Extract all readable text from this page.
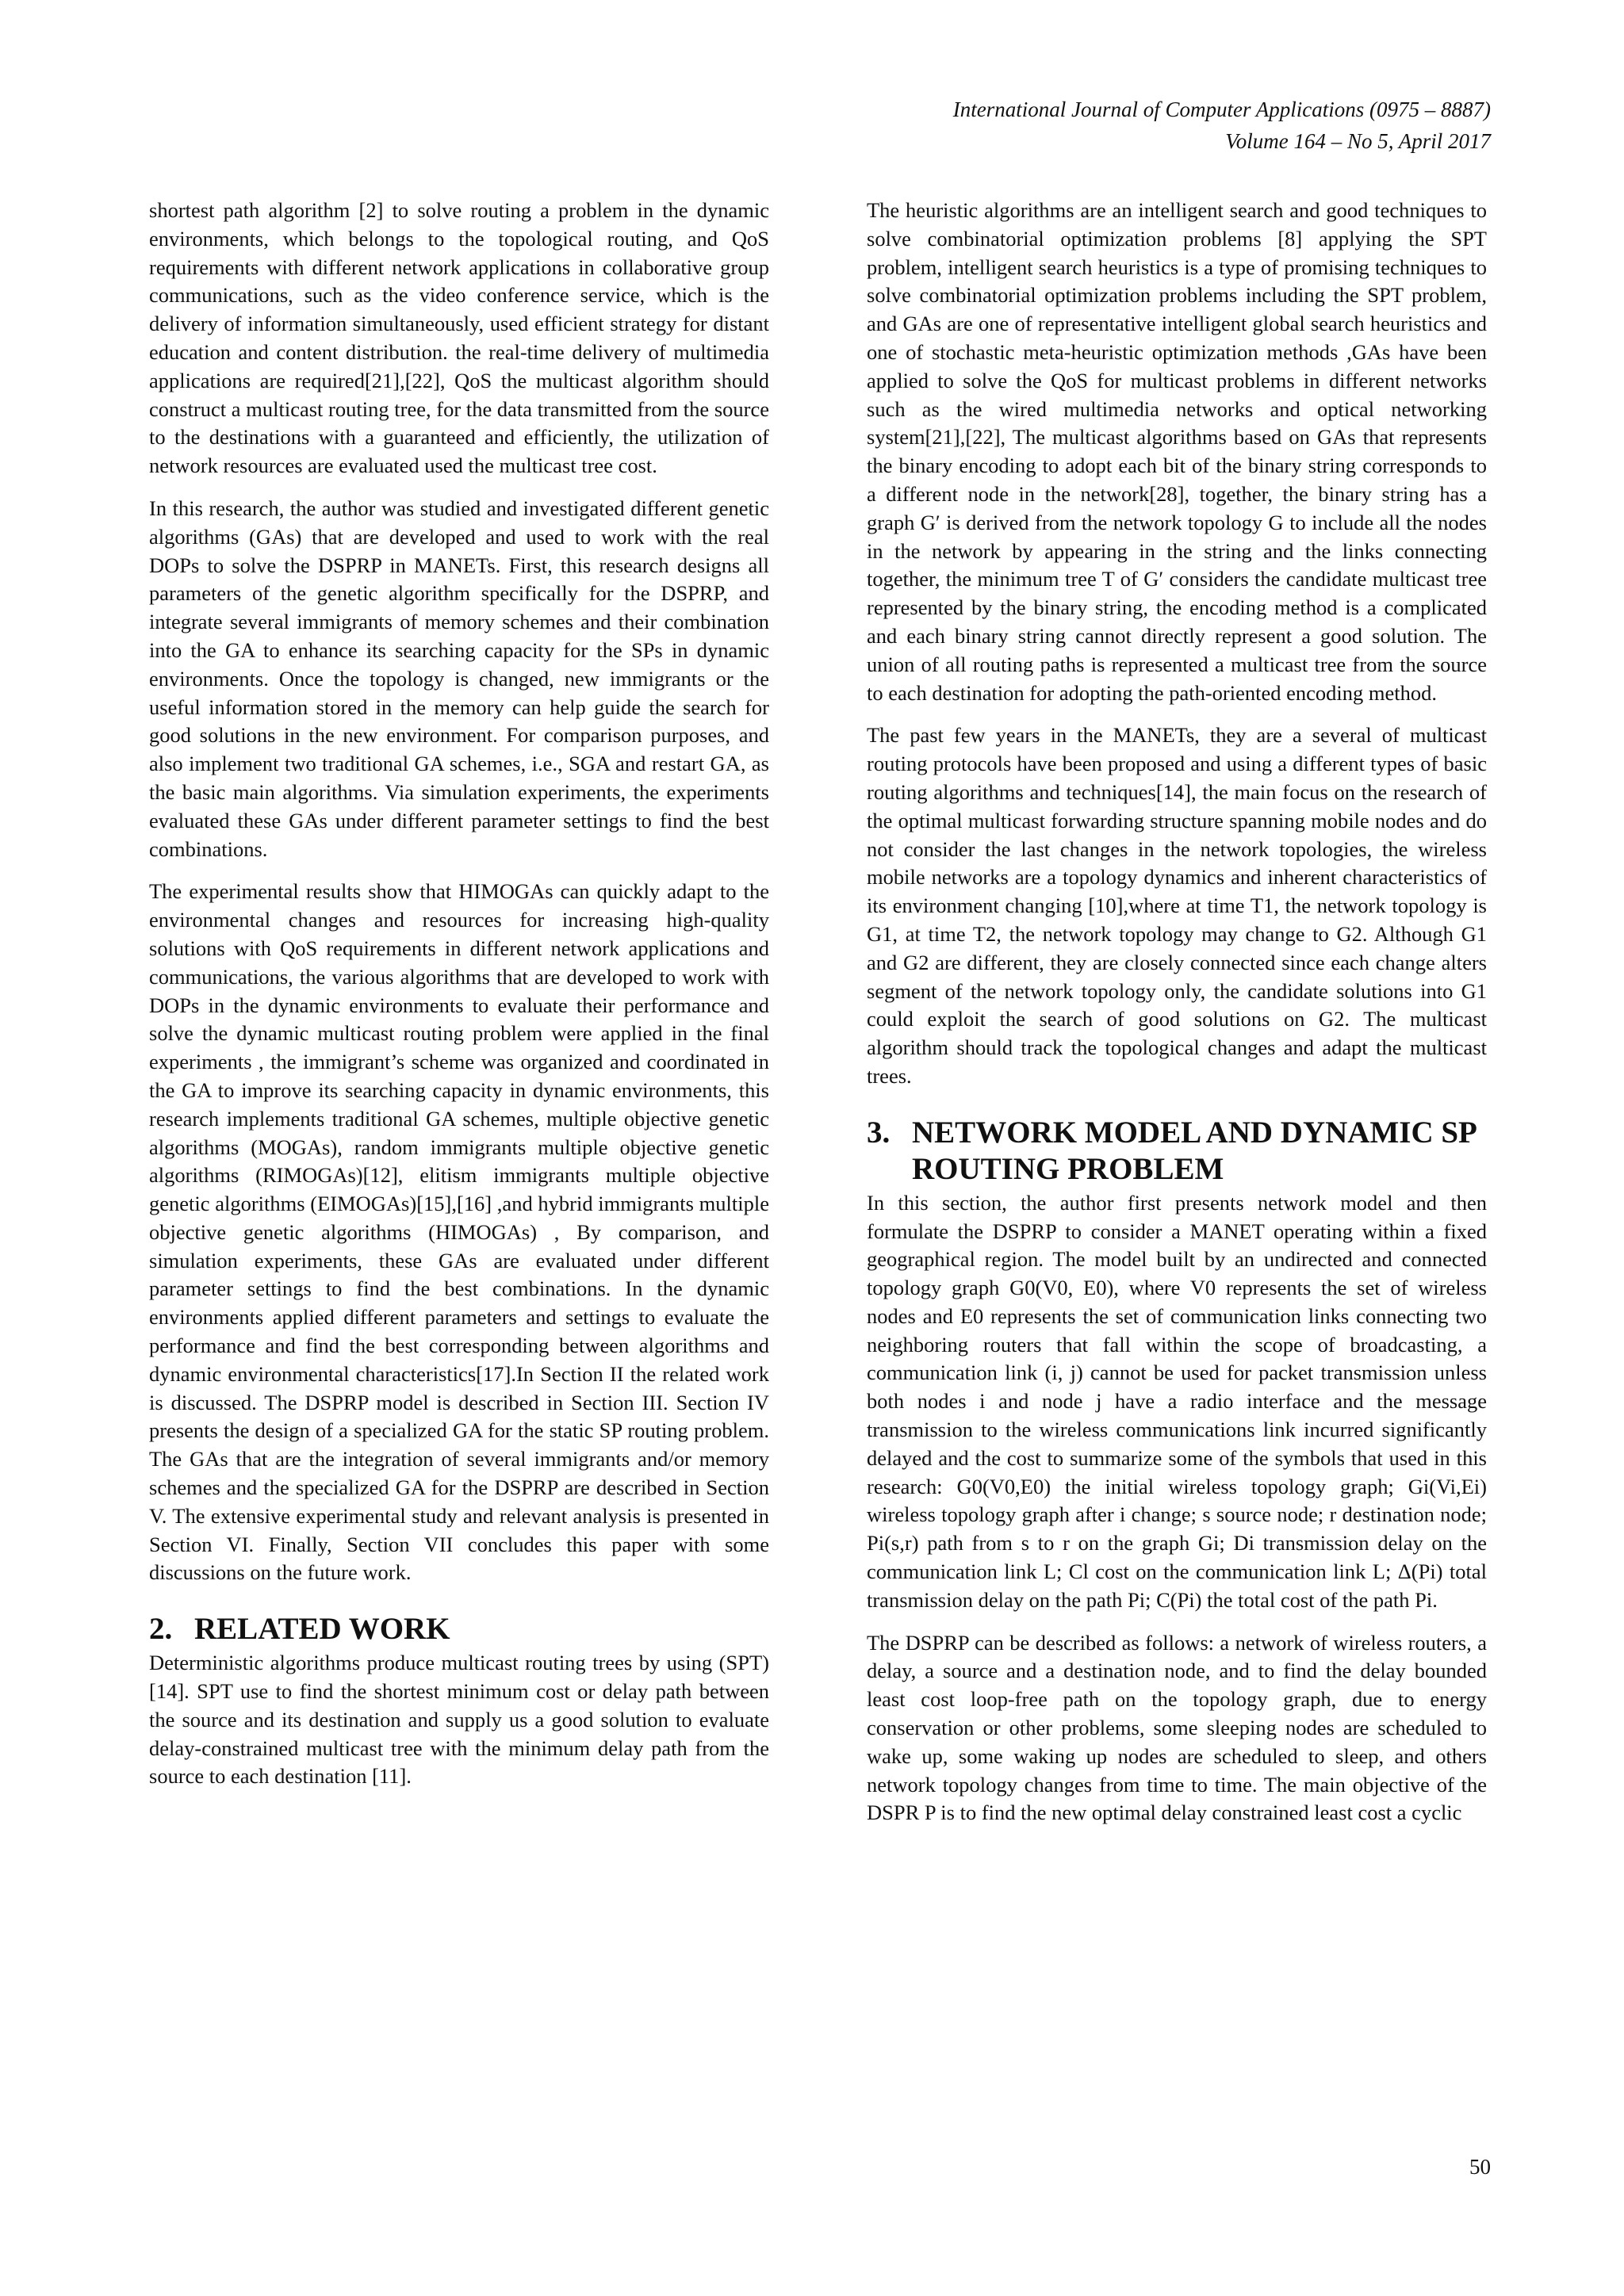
International Journal of Computer Applications (0975 – 8887)
Volume 164 – No 5, April 2017

shortest path algorithm [2] to solve routing a problem in the dynamic environments, which belongs to the topological routing, and QoS requirements with different network applications in collaborative group communications, such as the video conference service, which is the delivery of information simultaneously, used efficient strategy for distant education and content distribution. the real-time delivery of multimedia applications are required[21],[22], QoS the multicast algorithm should construct a multicast routing tree, for the data transmitted from the source to the destinations with a guaranteed and efficiently, the utilization of network resources are evaluated used the multicast tree cost.

In this research, the author was studied and investigated different genetic algorithms (GAs) that are developed and used to work with the real DOPs to solve the DSPRP in MANETs. First, this research designs all parameters of the genetic algorithm specifically for the DSPRP, and integrate several immigrants of memory schemes and their combination into the GA to enhance its searching capacity for the SPs in dynamic environments. Once the topology is changed, new immigrants or the useful information stored in the memory can help guide the search for good solutions in the new environment. For comparison purposes, and also implement two traditional GA schemes, i.e., SGA and restart GA, as the basic main algorithms. Via simulation experiments, the experiments evaluated these GAs under different parameter settings to find the best combinations.

The experimental results show that HIMOGAs can quickly adapt to the environmental changes and resources for increasing high-quality solutions with QoS requirements in different network applications and communications, the various algorithms that are developed to work with DOPs in the dynamic environments to evaluate their performance and solve the dynamic multicast routing problem were applied in the final experiments , the immigrant’s scheme was organized and coordinated in the GA to improve its searching capacity in dynamic environments, this research implements traditional GA schemes, multiple objective genetic algorithms (MOGAs), random immigrants multiple objective genetic algorithms (RIMOGAs)[12], elitism immigrants multiple objective genetic algorithms (EIMOGAs)[15],[16] ,and hybrid immigrants multiple objective genetic algorithms (HIMOGAs) , By comparison, and simulation experiments, these GAs are evaluated under different parameter settings to find the best combinations. In the dynamic environments applied different parameters and settings to evaluate the performance and find the best corresponding between algorithms and dynamic environmental characteristics[17].In Section II the related work is discussed. The DSPRP model is described in Section III. Section IV presents the design of a specialized GA for the static SP routing problem. The GAs that are the integration of several immigrants and/or memory schemes and the specialized GA for the DSPRP are described in Section V. The extensive experimental study and relevant analysis is presented in Section VI. Finally, Section VII concludes this paper with some discussions on the future work.

2. RELATED WORK

Deterministic algorithms produce multicast routing trees by using (SPT) [14]. SPT use to find the shortest minimum cost or delay path between the source and its destination and supply us a good solution to evaluate delay-constrained multicast tree with the minimum delay path from the source to each destination [11].

The heuristic algorithms are an intelligent search and good techniques to solve combinatorial optimization problems [8] applying the SPT problem, intelligent search heuristics is a type of promising techniques to solve combinatorial optimization problems including the SPT problem, and GAs are one of representative intelligent global search heuristics and one of stochastic meta-heuristic optimization methods ,GAs have been applied to solve the QoS for multicast problems in different networks such as the wired multimedia networks and optical networking system[21],[22], The multicast algorithms based on GAs that represents the binary encoding to adopt each bit of the binary string corresponds to a different node in the network[28], together, the binary string has a graph G′ is derived from the network topology G to include all the nodes in the network by appearing in the string and the links connecting together, the minimum tree T of G′ considers the candidate multicast tree represented by the binary string, the encoding method is a complicated and each binary string cannot directly represent a good solution. The union of all routing paths is represented a multicast tree from the source to each destination for adopting the path-oriented encoding method.

The past few years in the MANETs, they are a several of multicast routing protocols have been proposed and using a different types of basic routing algorithms and techniques[14], the main focus on the research of the optimal multicast forwarding structure spanning mobile nodes and do not consider the last changes in the network topologies, the wireless mobile networks are a topology dynamics and inherent characteristics of its environment changing [10],where at time T1, the network topology is G1, at time T2, the network topology may change to G2. Although G1 and G2 are different, they are closely connected since each change alters segment of the network topology only, the candidate solutions into G1 could exploit the search of good solutions on G2. The multicast algorithm should track the topological changes and adapt the multicast trees.

3. NETWORK MODEL AND DYNAMIC SP ROUTING PROBLEM

In this section, the author first presents network model and then formulate the DSPRP to consider a MANET operating within a fixed geographical region. The model built by an undirected and connected topology graph G0(V0, E0), where V0 represents the set of wireless nodes and E0 represents the set of communication links connecting two neighboring routers that fall within the scope of broadcasting, a communication link (i, j) cannot be used for packet transmission unless both nodes i and node j have a radio interface and the message transmission to the wireless communications link incurred significantly delayed and the cost to summarize some of the symbols that used in this research: G0(V0,E0) the initial wireless topology graph; Gi(Vi,Ei) wireless topology graph after i change; s source node; r destination node; Pi(s,r) path from s to r on the graph Gi; Di transmission delay on the communication link L; Cl cost on the communication link L; Δ(Pi) total transmission delay on the path Pi; C(Pi) the total cost of the path Pi.

The DSPRP can be described as follows: a network of wireless routers, a delay, a source and a destination node, and to find the delay bounded least cost loop-free path on the topology graph, due to energy conservation or other problems, some sleeping nodes are scheduled to wake up, some waking up nodes are scheduled to sleep, and others network topology changes from time to time. The main objective of the DSPR P is to find the new optimal delay constrained least cost a cyclic

50
